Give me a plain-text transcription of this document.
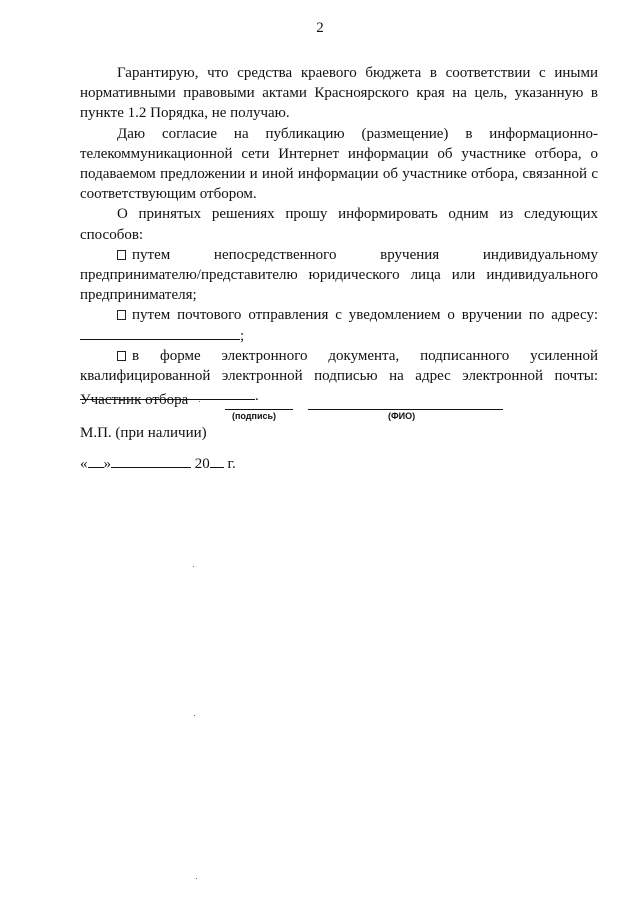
2

Гарантирую, что средства краевого бюджета в соответствии с иными нормативными правовыми актами Красноярского края на цель, указанную в пункте 1.2 Порядка, не получаю.

Даю согласие на публикацию (размещение) в информационно-телекоммуникационной сети Интернет информации об участнике отбора, о подаваемом предложении и иной информации об участнике отбора, связанной с соответствующим отбором.

О принятых решениях прошу информировать одним из следующих способов:

путем непосредственного вручения индивидуальному предпринимателю/представителю юридического лица или индивидуального предпринимателя;

путем почтового отправления с уведомлением о вручении по адресу:;

в форме электронного документа, подписанного усиленной квалифицированной электронной подписью на адрес электронной почты: .

Участник отбора
(подпись)	(ФИО)
М.П. (при наличии)
« »	20 г.
